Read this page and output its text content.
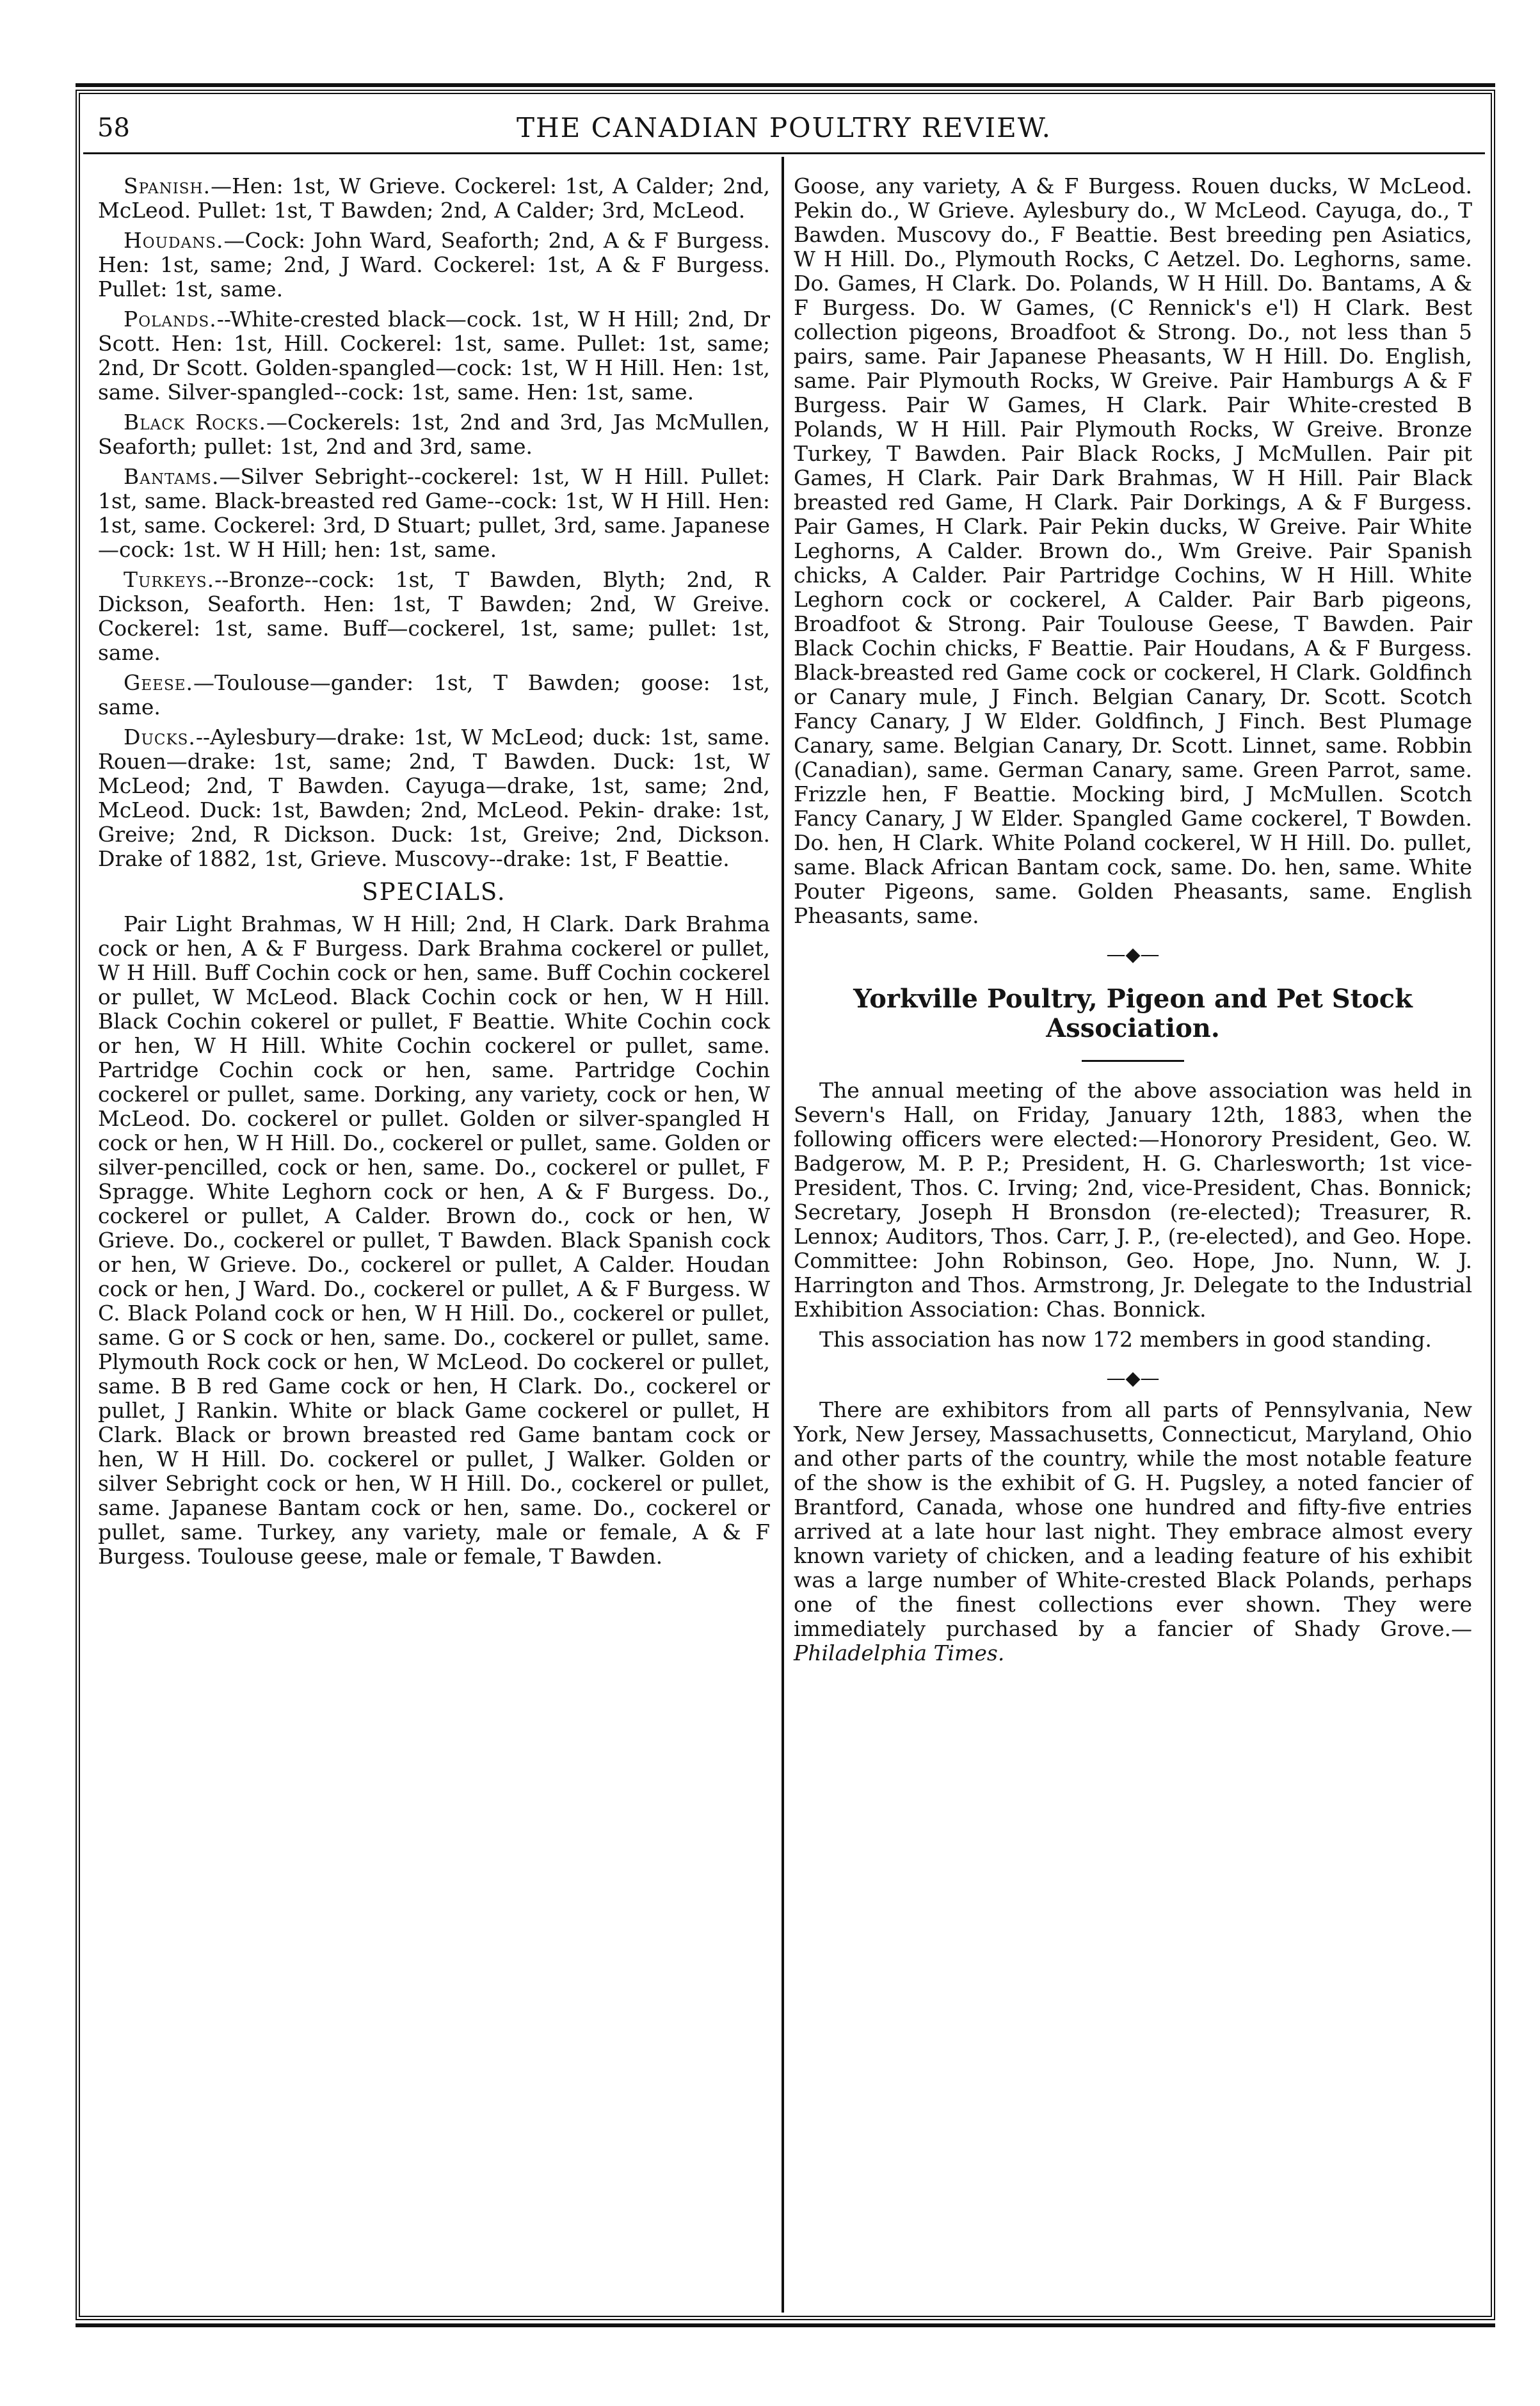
58	THE CANADIAN POULTRY REVIEW.

Spanish.—Hen: 1st, W Grieve. Cockerel: 1st, A Calder; 2nd, McLeod. Pullet: 1st, T Bawden; 2nd, A Calder; 3rd, McLeod.

Houdans.—Cock: John Ward, Seaforth; 2nd, A & F Burgess. Hen: 1st, same; 2nd, J Ward. Cockerel: 1st, A & F Burgess. Pullet: 1st, same.

Polands.--White-crested black—cock. 1st, W H Hill; 2nd, Dr Scott. Hen: 1st, Hill. Cockerel: 1st, same. Pullet: 1st, same; 2nd, Dr Scott. Golden-spangled—cock: 1st, W H Hill. Hen: 1st, same. Silver-spangled--cock: 1st, same. Hen: 1st, same.

Black Rocks.—Cockerels: 1st, 2nd and 3rd, Jas McMullen, Seaforth; pullet: 1st, 2nd and 3rd, same.

Bantams.—Silver Sebright--cockerel: 1st, W H Hill. Pullet: 1st, same. Black-breasted red Game--cock: 1st, W H Hill. Hen: 1st, same. Cockerel: 3rd, D Stuart; pullet, 3rd, same. Japanese—cock: 1st. W H Hill; hen: 1st, same.

Turkeys.--Bronze--cock: 1st, T Bawden, Blyth; 2nd, R Dickson, Seaforth. Hen: 1st, T Bawden; 2nd, W Greive. Cockerel: 1st, same. Buff—cockerel, 1st, same; pullet: 1st, same.

Geese.—Toulouse—gander: 1st, T Bawden; goose: 1st, same.

Ducks.--Aylesbury—drake: 1st, W McLeod; duck: 1st, same. Rouen—drake: 1st, same; 2nd, T Bawden. Duck: 1st, W McLeod; 2nd, T Bawden. Cayuga—drake, 1st, same; 2nd, McLeod. Duck: 1st, Bawden; 2nd, McLeod. Pekin- drake: 1st, Greive; 2nd, R Dickson. Duck: 1st, Greive; 2nd, Dickson. Drake of 1882, 1st, Grieve. Muscovy--drake: 1st, F Beattie.

SPECIALS.

Pair Light Brahmas, W H Hill; 2nd, H Clark. Dark Brahma cock or hen, A & F Burgess. Dark Brahma cockerel or pullet, W H Hill. Buff Cochin cock or hen, same. Buff Cochin cockerel or pullet, W McLeod. Black Cochin cock or hen, W H Hill. Black Cochin cokerel or pullet, F Beattie. White Cochin cock or hen, W H Hill. White Cochin cockerel or pullet, same. Partridge Cochin cock or hen, same. Partridge Cochin cockerel or pullet, same. Dorking, any variety, cock or hen, W McLeod. Do. cockerel or pullet. Golden or silver-spangled H cock or hen, W H Hill. Do., cockerel or pullet, same. Golden or silver-pencilled, cock or hen, same. Do., cockerel or pullet, F Spragge. White Leghorn cock or hen, A & F Burgess. Do., cockerel or pullet, A Calder. Brown do., cock or hen, W Grieve. Do., cockerel or pullet, T Bawden. Black Spanish cock or hen, W Grieve. Do., cockerel or pullet, A Calder. Houdan cock or hen, J Ward. Do., cockerel or pullet, A & F Burgess. W C. Black Poland cock or hen, W H Hill. Do., cockerel or pullet, same. G or S cock or hen, same. Do., cockerel or pullet, same. Plymouth Rock cock or hen, W McLeod. Do cockerel or pullet, same. B B red Game cock or hen, H Clark. Do., cockerel or pullet, J Rankin. White or black Game cockerel or pullet, H Clark. Black or brown breasted red Game bantam cock or hen, W H Hill. Do. cockerel or pullet, J Walker. Golden or silver Sebright cock or hen, W H Hill. Do., cockerel or pullet, same. Japanese Bantam cock or hen, same. Do., cockerel or pullet, same. Turkey, any variety, male or female, A & F Burgess. Toulouse geese, male or female, T Bawden.

Goose, any variety, A & F Burgess. Rouen ducks, W McLeod. Pekin do., W Grieve. Aylesbury do., W McLeod. Cayuga, do., T Bawden. Muscovy do., F Beattie. Best breeding pen Asiatics, W H Hill. Do., Plymouth Rocks, C Aetzel. Do. Leghorns, same. Do. Games, H Clark. Do. Polands, W H Hill. Do. Bantams, A & F Burgess. Do. W Games, (C Rennick's e'l) H Clark. Best collection pigeons, Broadfoot & Strong. Do., not less than 5 pairs, same. Pair Japanese Pheasants, W H Hill. Do. English, same. Pair Plymouth Rocks, W Greive. Pair Hamburgs A & F Burgess. Pair W Games, H Clark. Pair White-crested B Polands, W H Hill. Pair Plymouth Rocks, W Greive. Bronze Turkey, T Bawden. Pair Black Rocks, J McMullen. Pair pit Games, H Clark. Pair Dark Brahmas, W H Hill. Pair Black breasted red Game, H Clark. Pair Dorkings, A & F Burgess. Pair Games, H Clark. Pair Pekin ducks, W Greive. Pair White Leghorns, A Calder. Brown do., Wm Greive. Pair Spanish chicks, A Calder. Pair Partridge Cochins, W H Hill. White Leghorn cock or cockerel, A Calder. Pair Barb pigeons, Broadfoot & Strong. Pair Toulouse Geese, T Bawden. Pair Black Cochin chicks, F Beattie. Pair Houdans, A & F Burgess. Black-breasted red Game cock or cockerel, H Clark. Goldfinch or Canary mule, J Finch. Belgian Canary, Dr. Scott. Scotch Fancy Canary, J W Elder. Goldfinch, J Finch. Best Plumage Canary, same. Belgian Canary, Dr. Scott. Linnet, same. Robbin (Canadian), same. German Canary, same. Green Parrot, same. Frizzle hen, F Beattie. Mocking bird, J McMullen. Scotch Fancy Canary, J W Elder. Spangled Game cockerel, T Bowden. Do. hen, H Clark. White Poland cockerel, W H Hill. Do. pullet, same. Black African Bantam cock, same. Do. hen, same. White Pouter Pigeons, same. Golden Pheasants, same. English Pheasants, same.

—◆—
Yorkville Poultry, Pigeon and Pet Stock Association.

The annual meeting of the above association was held in Severn's Hall, on Friday, January 12th, 1883, when the following officers were elected:—Honorory President, Geo. W. Badgerow, M. P. P.; President, H. G. Charlesworth; 1st vice-President, Thos. C. Irving; 2nd, vice-President, Chas. Bonnick; Secretary, Joseph H Bronsdon (re-elected); Treasurer, R. Lennox; Auditors, Thos. Carr, J. P., (re-elected), and Geo. Hope. Committee: John Robinson, Geo. Hope, Jno. Nunn, W. J. Harrington and Thos. Armstrong, Jr. Delegate to the Industrial Exhibition Association: Chas. Bonnick.

This association has now 172 members in good standing.

—◆—

There are exhibitors from all parts of Pennsylvania, New York, New Jersey, Massachusetts, Connecticut, Maryland, Ohio and other parts of the country, while the most notable feature of the show is the exhibit of G. H. Pugsley, a noted fancier of Brantford, Canada, whose one hundred and fifty-five entries arrived at a late hour last night. They embrace almost every known variety of chicken, and a leading feature of his exhibit was a large number of White-crested Black Polands, perhaps one of the finest collections ever shown. They were immediately purchased by a fancier of Shady Grove.—Philadelphia Times.
